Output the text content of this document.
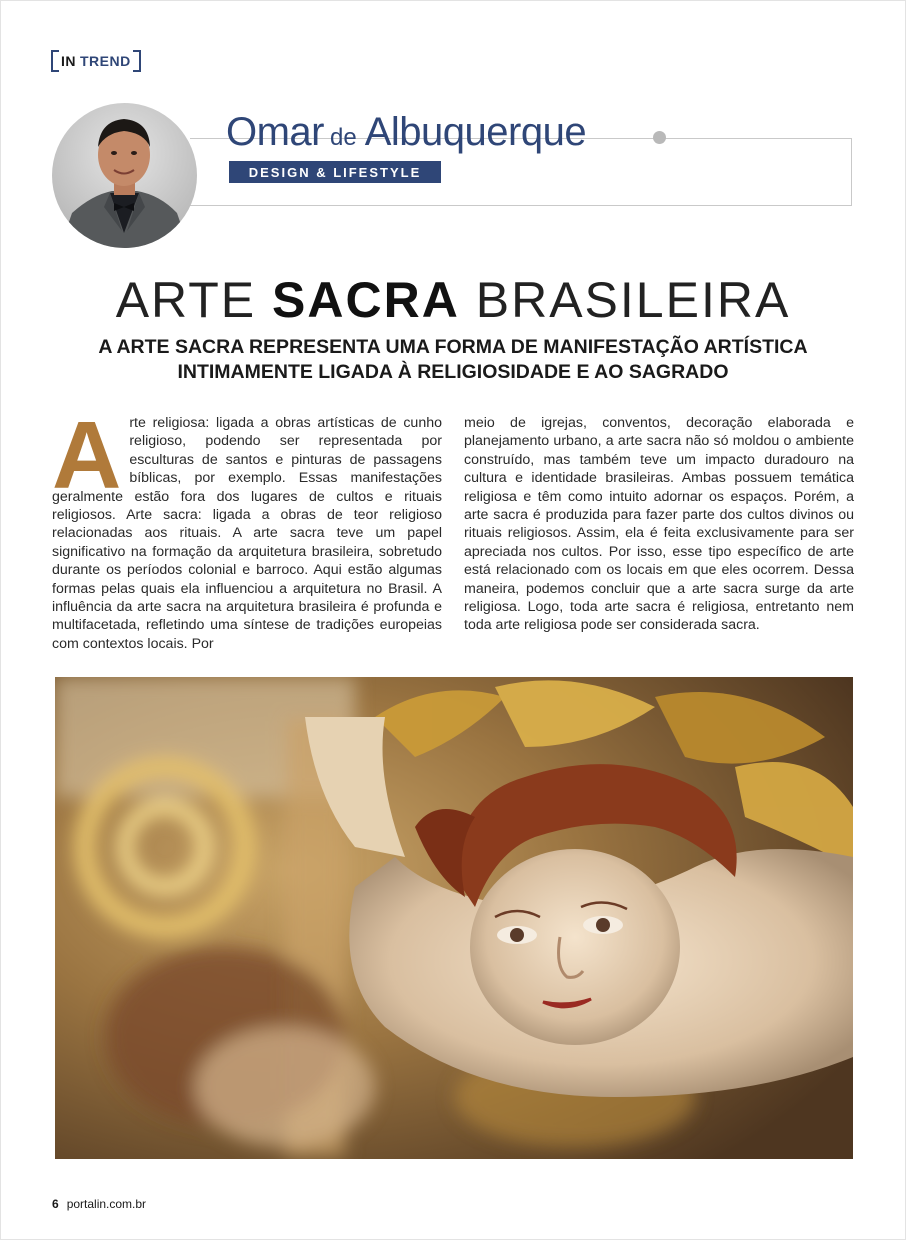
IN TREND
Omar de Albuquerque
DESIGN & LIFESTYLE
ARTE SACRA BRASILEIRA
A ARTE SACRA REPRESENTA UMA FORMA DE MANIFESTAÇÃO ARTÍSTICA INTIMAMENTE LIGADA À RELIGIOSIDADE E AO SAGRADO
Arte religiosa: ligada a obras artísticas de cunho religioso, podendo ser representada por esculturas de santos e pinturas de passagens bíblicas, por exemplo. Essas manifestações geralmente estão fora dos lugares de cultos e rituais religiosos. Arte sacra: ligada a obras de teor religioso relacionadas aos rituais. A arte sacra teve um papel significativo na formação da arquitetura brasileira, sobretudo durante os períodos colonial e barroco. Aqui estão algumas formas pelas quais ela influenciou a arquitetura no Brasil. A influência da arte sacra na arquitetura brasileira é profunda e multifacetada, refletindo uma síntese de tradições europeias com contextos locais. Por
meio de igrejas, conventos, decoração elaborada e planejamento urbano, a arte sacra não só moldou o ambiente construído, mas também teve um impacto duradouro na cultura e identidade brasileiras. Ambas possuem temática religiosa e têm como intuito adornar os espaços. Porém, a arte sacra é produzida para fazer parte dos cultos divinos ou rituais religiosos. Assim, ela é feita exclusivamente para ser apreciada nos cultos. Por isso, esse tipo específico de arte está relacionado com os locais em que eles ocorrem. Dessa maneira, podemos concluir que a arte sacra surge da arte religiosa. Logo, toda arte sacra é religiosa, entretanto nem toda arte religiosa pode ser considerada sacra.
6 portalin.com.br
